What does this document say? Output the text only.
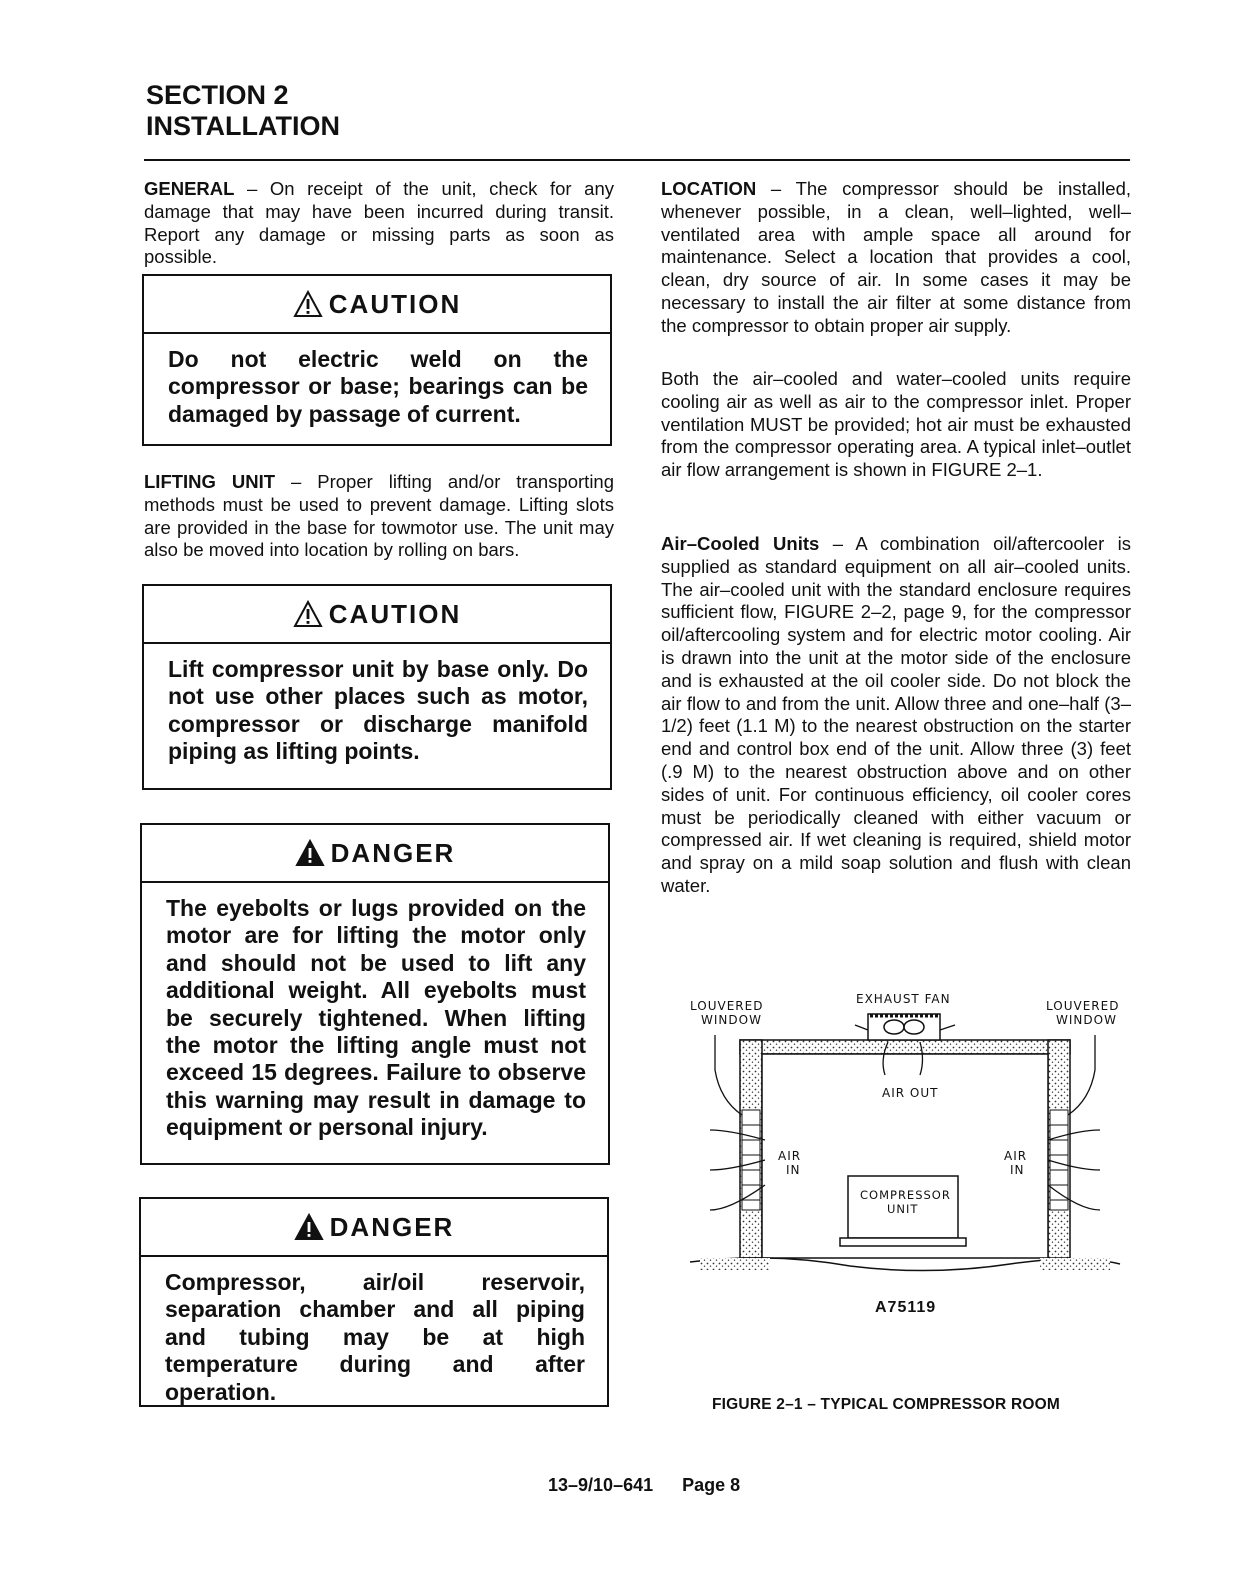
SECTION 2
INSTALLATION

GENERAL – On receipt of the unit, check for any damage that may have been incurred during transit. Report any damage or missing parts as soon as possible.

CAUTION
Do not electric weld on the compressor or base; bearings can be damaged by passage of current.

LIFTING UNIT – Proper lifting and/or transporting methods must be used to prevent damage. Lifting slots are provided in the base for towmotor use. The unit may also be moved into location by rolling on bars.

CAUTION
Lift compressor unit by base only. Do not use other places such as motor, compressor or discharge manifold piping as lifting points.
DANGER
The eyebolts or lugs provided on the motor are for lifting the motor only and should not be used to lift any additional weight. All eyebolts must be securely tightened. When lifting the motor the lifting angle must not exceed 15 degrees. Failure to observe this warning may result in damage to equipment or personal injury.
DANGER
Compressor, air/oil reservoir, separation chamber and all piping and tubing may be at high temperature during and after operation.

LOCATION – The compressor should be installed, whenever possible, in a clean, well–lighted, well–ventilated area with ample space all around for maintenance. Select a location that provides a cool, clean, dry source of air. In some cases it may be necessary to install the air filter at some distance from the compressor to obtain proper air supply.

Both the air–cooled and water–cooled units require cooling air as well as air to the compressor inlet. Proper ventilation MUST be provided; hot air must be exhausted from the compressor operating area. A typical inlet–outlet air flow arrangement is shown in FIGURE 2–1.

Air–Cooled Units – A combination oil/aftercooler is supplied as standard equipment on all air–cooled units. The air–cooled unit with the standard enclosure requires sufficient flow, FIGURE 2–2, page 9, for the compressor oil/aftercooling system and for electric motor cooling. Air is drawn into the unit at the motor side of the enclosure and is exhausted at the oil cooler side. Do not block the air flow to and from the unit. Allow three and one–half (3–1/2) feet (1.1 M) to the nearest obstruction on the starter end and control box end of the unit. Allow three (3) feet (.9 M) to the nearest obstruction above and on other sides of unit. For continuous efficiency, oil cooler cores must be periodically cleaned with either vacuum or compressed air. If wet cleaning is required, shield motor and spray on a mild soap solution and flush with clean water.

LOUVERED
WINDOW
LOUVERED
WINDOW
EXHAUST FAN
AIR OUT
AIR
IN
AIR
IN
COMPRESSOR
UNIT
A75119
FIGURE 2–1 – TYPICAL COMPRESSOR ROOM
13–9/10–641 Page 8
